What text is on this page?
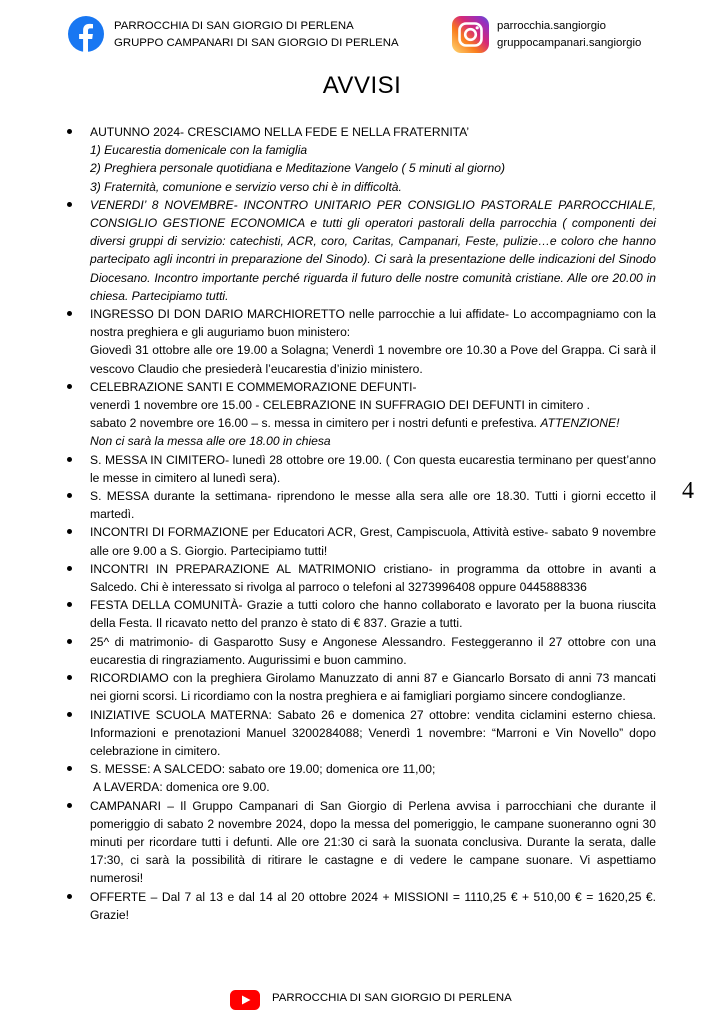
PARROCCHIA DI SAN GIORGIO DI PERLENA
GRUPPO CAMPANARI DI SAN GIORGIO DI PERLENA
parrocchia.sangiorgio
gruppocampanari.sangiorgio
AVVISI
AUTUNNO 2024- CRESCIAMO NELLA FEDE E NELLA FRATERNITA’
1) Eucarestia domenicale con la famiglia
2) Preghiera personale quotidiana e Meditazione Vangelo ( 5 minuti al giorno)
3) Fraternità, comunione e servizio verso chi è in difficoltà.
VENERDI’ 8 NOVEMBRE- INCONTRO UNITARIO PER CONSIGLIO PASTORALE PARROCCHIALE, CONSIGLIO GESTIONE ECONOMICA e tutti gli operatori pastorali della parrocchia ( componenti dei diversi gruppi di servizio: catechisti, ACR, coro, Caritas, Campanari, Feste, pulizie…e coloro che hanno partecipato agli incontri in preparazione del Sinodo). Ci sarà la presentazione delle indicazioni del Sinodo Diocesano. Incontro importante perché riguarda il futuro delle nostre comunità cristiane. Alle ore 20.00 in chiesa. Partecipiamo tutti.
INGRESSO DI DON DARIO MARCHIORETTO nelle parrocchie a lui affidate- Lo accompagniamo con la nostra preghiera e gli auguriamo buon ministero:
Giovedì 31 ottobre alle ore 19.00 a Solagna; Venerdì 1 novembre ore 10.30 a Pove del Grappa. Ci sarà il vescovo Claudio che presiederà l’eucarestia d’inizio ministero.
CELEBRAZIONE SANTI E COMMEMORAZIONE DEFUNTI-
venerdì 1 novembre ore 15.00 - CELEBRAZIONE IN SUFFRAGIO DEI DEFUNTI in cimitero .
sabato 2 novembre ore 16.00 – s. messa in cimitero per i nostri defunti e prefestiva. ATTENZIONE!
Non ci sarà la messa alle ore 18.00 in chiesa
S. MESSA IN CIMITERO- lunedì 28 ottobre ore 19.00. ( Con questa eucarestia terminano per quest’anno le messe in cimitero al lunedì sera).
S. MESSA durante la settimana- riprendono le messe alla sera alle ore 18.30. Tutti i giorni eccetto il martedì.
INCONTRI DI FORMAZIONE per Educatori ACR, Grest, Campiscuola, Attività estive- sabato 9 novembre alle ore 9.00 a S. Giorgio. Partecipiamo tutti!
INCONTRI IN PREPARAZIONE AL MATRIMONIO cristiano- in programma da ottobre in avanti a Salcedo. Chi è interessato si rivolga al parroco o telefoni al 3273996408 oppure 0445888336
FESTA DELLA COMUNITÀ- Grazie a tutti coloro che hanno collaborato e lavorato per la buona riuscita della Festa. Il ricavato netto del pranzo è stato di € 837. Grazie a tutti.
25^ di matrimonio- di Gasparotto Susy e Angonese Alessandro. Festeggeranno il 27 ottobre con una eucarestia di ringraziamento. Augurissimi e buon cammino.
RICORDIAMO con la preghiera Girolamo Manuzzato di anni 87 e Giancarlo Borsato di anni 73 mancati nei giorni scorsi. Li ricordiamo con la nostra preghiera e ai famigliari porgiamo sincere condoglianze.
INIZIATIVE SCUOLA MATERNA: Sabato 26 e domenica 27 ottobre: vendita ciclamini esterno chiesa. Informazioni e prenotazioni Manuel 3200284088; Venerdì 1 novembre: “Marroni e Vin Novello” dopo celebrazione in cimitero.
S. MESSE: A SALCEDO: sabato ore 19.00; domenica ore 11,00;
A LAVERDA: domenica ore 9.00.
CAMPANARI – Il Gruppo Campanari di San Giorgio di Perlena avvisa i parrocchiani che durante il pomeriggio di sabato 2 novembre 2024, dopo la messa del pomeriggio, le campane suoneranno ogni 30 minuti per ricordare tutti i defunti. Alle ore 21:30 ci sarà la suonata conclusiva. Durante la serata, dalle 17:30, ci sarà la possibilità di ritirare le castagne e di vedere le campane suonare. Vi aspettiamo numerosi!
OFFERTE – Dal 7 al 13 e dal 14 al 20 ottobre 2024 + MISSIONI = 1110,25 € + 510,00 € = 1620,25 €. Grazie!
4
PARROCCHIA DI SAN GIORGIO DI PERLENA
